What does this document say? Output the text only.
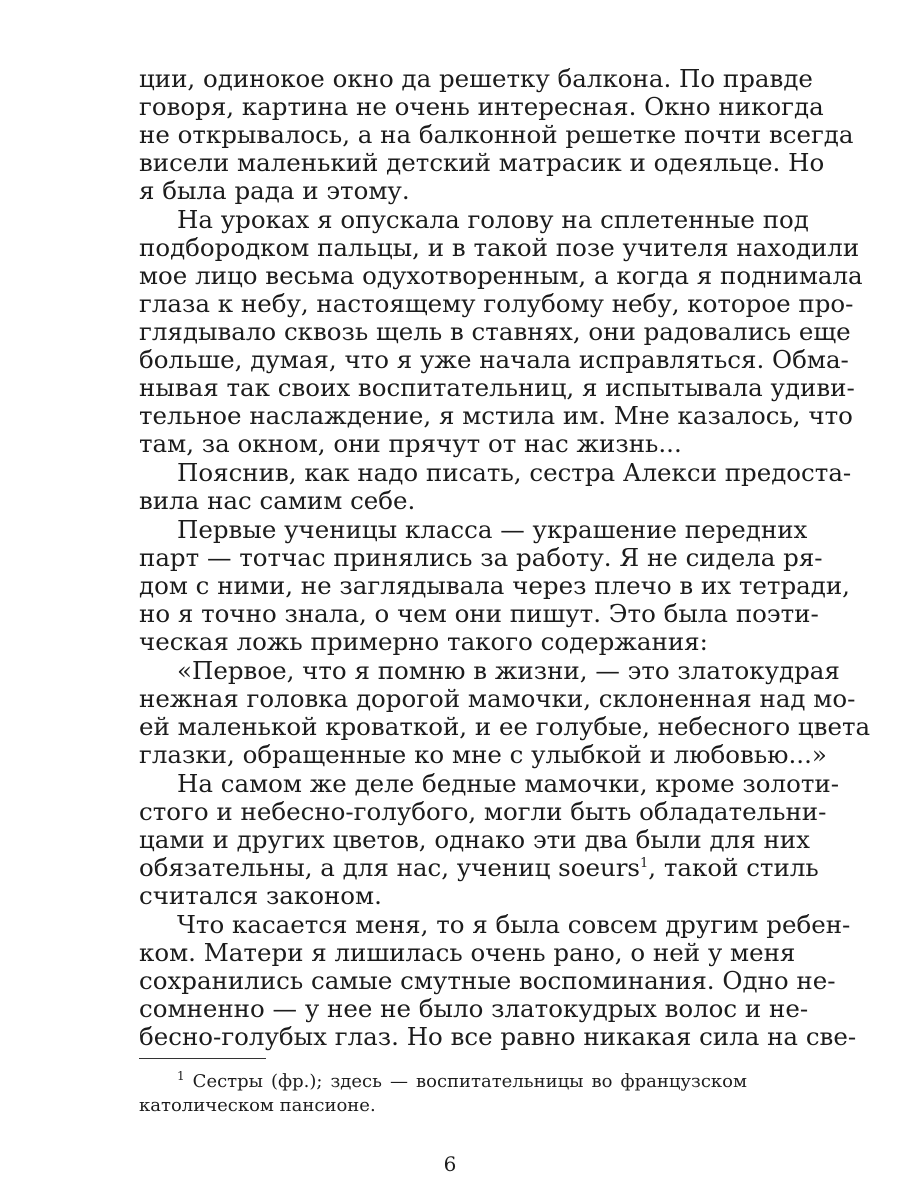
ции, одинокое окно да решетку балкона. По правде
говоря, картина не очень интересная. Окно никогда
не открывалось, а на балконной решетке почти всегда
висели маленький детский матрасик и одеяльце. Но
я была рада и этому.
На уроках я опускала голову на сплетенные под
подбородком пальцы, и в такой позе учителя находили
мое лицо весьма одухотворенным, а когда я поднимала
глаза к небу, настоящему голубому небу, которое про-
глядывало сквозь щель в ставнях, они радовались еще
больше, думая, что я уже начала исправляться. Обма-
нывая так своих воспитательниц, я испытывала удиви-
тельное наслаждение, я мстила им. Мне казалось, что
там, за окном, они прячут от нас жизнь...
Пояснив, как надо писать, сестра Алекси предоста-
вила нас самим себе.
Первые ученицы класса — украшение передних
парт — тотчас принялись за работу. Я не сидела ря-
дом с ними, не заглядывала через плечо в их тетради,
но я точно знала, о чем они пишут. Это была поэти-
ческая ложь примерно такого содержания:
«Первое, что я помню в жизни, — это златокудрая
нежная головка дорогой мамочки, склоненная над мо-
ей маленькой кроваткой, и ее голубые, небесного цвета
глазки, обращенные ко мне с улыбкой и любовью...»
На самом же деле бедные мамочки, кроме золоти-
стого и небесно-голубого, могли быть обладательни-
цами и других цветов, однако эти два были для них
обязательны, а для нас, учениц soeurs$^1$, такой стиль
считался законом.
Что касается меня, то я была совсем другим ребен-
ком. Матери я лишилась очень рано, о ней у меня
сохранились самые смутные воспоминания. Одно не-
сомненно — у нее не было златокудрых волос и не-
бесно-голубых глаз. Но все равно никакая сила на све-
$^1$ Сестры (фр.); здесь — воспитательницы во французском
католическом пансионе.
6
